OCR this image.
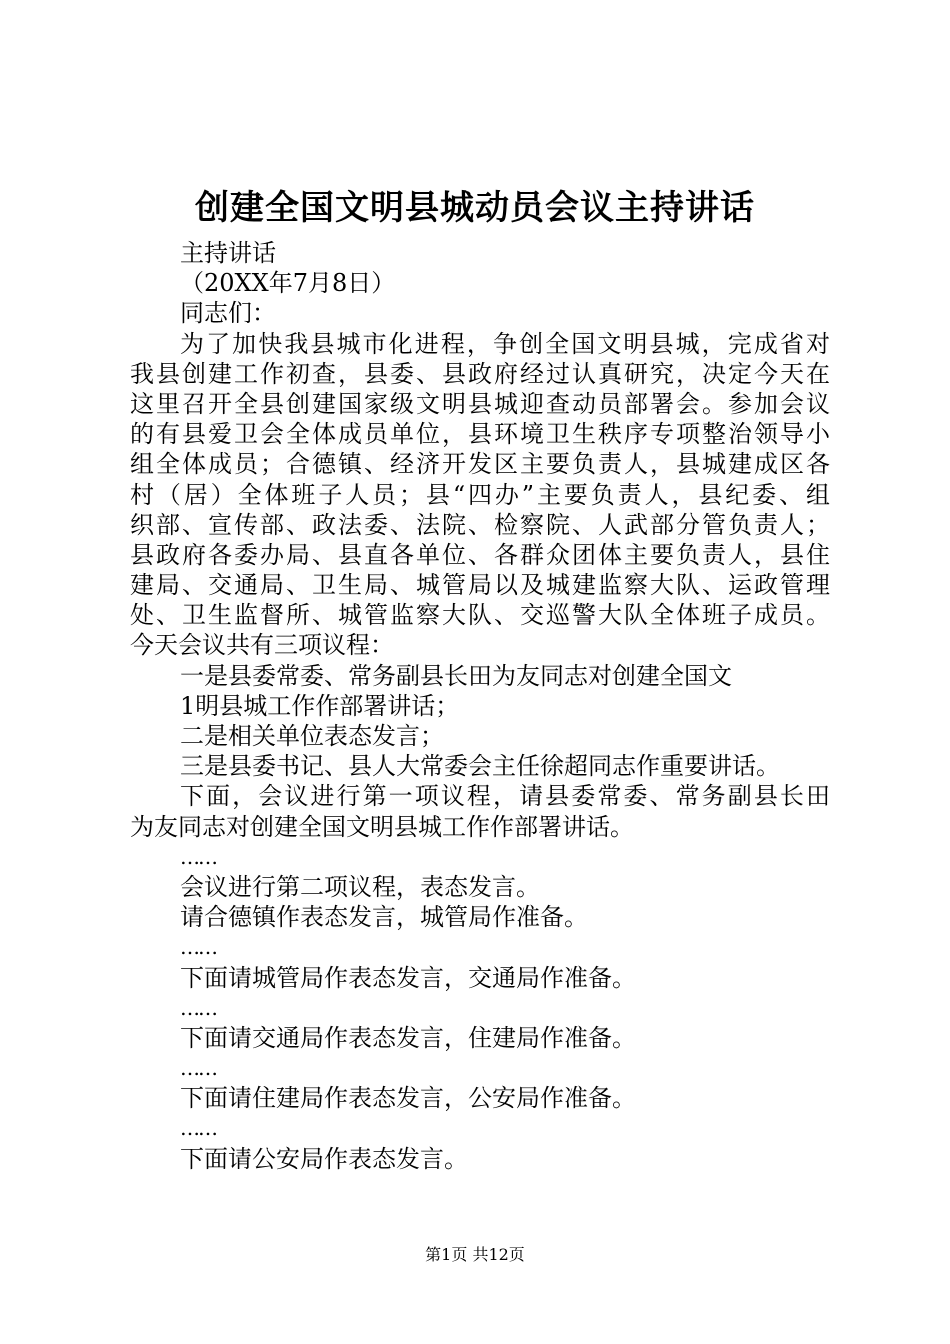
创建全国文明县城动员会议主持讲话
主持讲话
（20XX年7月8日）
同志们：
为了加快我县城市化进程，争创全国文明县城，完成省对
我县创建工作初查，县委、县政府经过认真研究，决定今天在
这里召开全县创建国家级文明县城迎查动员部署会。参加会议
的有县爱卫会全体成员单位，县环境卫生秩序专项整治领导小
组全体成员；合德镇、经济开发区主要负责人，县城建成区各
村（居）全体班子人员；县“四办”主要负责人，县纪委、组
织部、宣传部、政法委、法院、检察院、人武部分管负责人；
县政府各委办局、县直各单位、各群众团体主要负责人，县住
建局、交通局、卫生局、城管局以及城建监察大队、运政管理
处、卫生监督所、城管监察大队、交巡警大队全体班子成员。
今天会议共有三项议程：
一是县委常委、常务副县长田为友同志对创建全国文
1明县城工作作部署讲话；
二是相关单位表态发言；
三是县委书记、县人大常委会主任徐超同志作重要讲话。
下面，会议进行第一项议程，请县委常委、常务副县长田
为友同志对创建全国文明县城工作作部署讲话。
……
会议进行第二项议程，表态发言。
请合德镇作表态发言，城管局作准备。
……
下面请城管局作表态发言，交通局作准备。
……
下面请交通局作表态发言，住建局作准备。
……
下面请住建局作表态发言，公安局作准备。
……
下面请公安局作表态发言。
第1页 共12页
